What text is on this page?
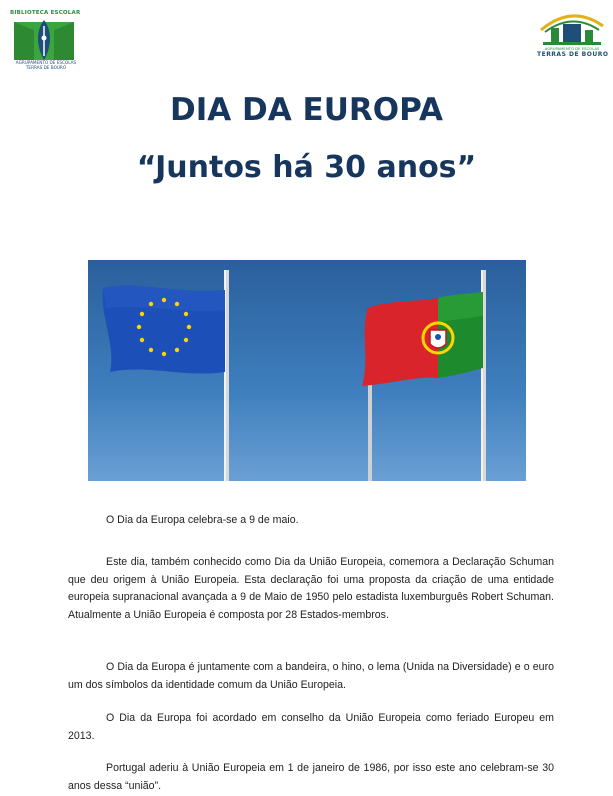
BIBLIOTECA ESCOLAR
AGRUPAMENTO DE ESCOLAS TERRAS DE BOURO
AGRUPAMENTO DE ESCOLAS
TERRAS DE BOURO
DIA DA EUROPA
“Juntos há 30 anos”
O Dia da Europa celebra-se a 9 de maio.
Este dia, também conhecido como Dia da União Europeia, comemora a Declaração Schuman que deu origem à União Europeia. Esta declaração foi uma proposta da criação de uma entidade europeia supranacional avançada a 9 de Maio de 1950 pelo estadista luxemburguês Robert Schuman. Atualmente a União Europeia é composta por 28 Estados-membros.
O Dia da Europa é juntamente com a bandeira, o hino, o lema (Unida na Diversidade) e o euro um dos símbolos da identidade comum da União Europeia.
O Dia da Europa foi acordado em conselho da União Europeia como feriado Europeu em 2013.
Portugal aderiu à União Europeia em 1 de janeiro de 1986, por isso este ano celebram-se 30 anos dessa “união”.
